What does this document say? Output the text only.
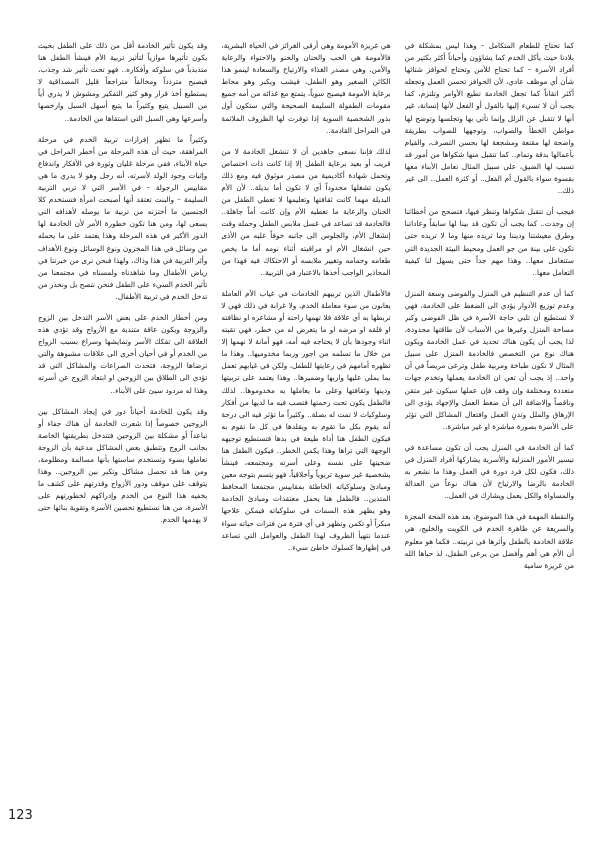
كما تحتاج للطعام المتكامل – وهذا ليس بمشكلة في بلادنا حيث يأكل الخدم كما يشاؤون وأحياناً أكثر بكثير من أفراد الأسرة – كما تحتاج للأمن وتحتاج لحوافز شتائها شأن أي موظف عادي، لأن الحوافز تحسن العمل وتجعله أكثر اتقاناً كما تجعل الخادمة تطيع الأوامر وتلتزم، كما يجب أن لا تسيء إليها بالقول أو الفعل لأنها إنسانة، غير أنها لا تتقبل عن الزلل وإنما تأتي بها وتجلسها وتوضح لها مواطن الخطأ والصواب، وتوجهها للصواب بطريقة واضحة لها مقنعة ومشجعة لها بحسن التصرف، والقيام بأعمالها بدقة وتمام.. كما تتقبل منها شكواها من أمور قد تسبب لها الضيق، على سبيل المثال تعامل الأبناء معها بقسوة سواء بالقول أم الفعل.. أو كثرة العمل.. الى غير ذلك..

فيجب أن تتقبل شكواها وتنظر فيها، فتصحح من أخطائنا إن وجدت.. كما يجب أن تكون قد بينا لها سابقاً وعاداتنا وطرق معيشتنا وديننا وما تريده منها وما لا تريده حتى تكون على بينة من جو العمل ومحيط البيئة الجديدة التي ستتعامل معها.. وهذا مهم جداً حتى يسهل لنا كيفية التعامل معها..

كما أن عدم التنظيم في المنزل والفوضى وسعة المنزل وعدم توزيع الأدوار يؤدي الى الضغط على الخادمة، فهي لا تستطيع أن تلبي حاجة الأسرة في ظل الفوضى وكبر مساحة المنزل وغيرها من الأسباب لأن طاقتها محدودة، لذا يجب أن يكون هناك تحديد في عمل الخادمة ويكون هناك نوع من التخصص فالخادمة المنزل على سبيل المثال لا تكون طباخة ومربية طفل وترعى مريضاً في آن واحد.. إذ يجب أن تعي ان الخادمة يعملها وتخدم جهات متعددة ومختلفة وإن وقف فإن عملها سيكون غير متقن وناقصاً وإلاضافة الى أن ضغط العمل والإجهاد يؤدي الى الإرهاق والملل وتدنٍ العمل وافتعال المشاكل التي تؤثر على الأسرة بصورة مباشرة او غير مباشرة..

كما أن الخادمة في المنزل يجب أن تكون مساعدة في تيسير الأمور المنزلية والأسرية يشاركها أفراد المنزل في ذلك، فكون لكل فرد دورة في العمل وهذا ما نشعر به الخادمة بالرضا والارتياح لأن هناك نوعاً من العدالة والمساواة والكل يعمل ويشارك في العمل..

والنقطة المهمة في هذا الموضوع، بعد هذه المحة المجزة والسريعة عن ظاهرة الخدم في الكويت والخليج، هي علاقة الخادمة بالطفل وأثرها في تربيته.. فكما هو معلوم أن الأم هي أهم وأفضل من يرعى الطفل، لذ حباها الله من غريزة سامية

هي غريزة الأمومة وهي أرقى الغرائز في الحياة البشرية، فالأمومة هي الحب والحنان والحنو والاحتواء والرعاية والأمن، وهي مصدر الغذاء والارتياح والسعادة لينمو هذا الكائن الصغير وهو الطفل، فيشب ويكبر وهو محاط برعاية الأمومة فيصبح سوياً، يتمتع مع غذائه من أمه جميع مقومات الطفولة السليمة الصحيحة والتي ستكون أول بذور الشخصية السوية إذا توفرت لها الظروف الملائمة في المراحل القادمة..

لذلك فإننا نسعى جاهدين أن لا تنشغل الخادمة لا من قريب أو بعيد برعاية الطفل إلا إذا كانت ذات اختصاص وتحمل شهادة أكاديمية من مصدر موثوق فيه ومع ذلك يكون تشغلها محدوداً أي لا تكون أما بديلة.. لأن الأم البديلة مهما كانت ثقافتها وتعليمها لا تعطي الطفل من الحنان والرعاية ما تعطيه الأم وإن كانت أماً جاهلة.. فالخادمة قد تساعد في غسل ملابس الطفل وحمله وقت إنشغال الأم، والجلوس الى جانبه خوفاً عليه من الأذى حين انشغال الأم او مراقبته أثناء نومه أما ما يخص طعامه وحمامه وتغيير ملابسه أو الاحتكاك فيه فهذا من المحاذير الواجب أخذها بالاعتبار في التربية..

فالأطفال الذين تربيهم الخادمات في غياب الأم العاملة يعانون من سوء معاملة الخدم، ولا غرابة في ذلك فهي لا تربطها به أي علاقة فلا تهمها راحته أو مشاعره او نظافته او قلقه او مرضه او ما يتعرض له من خطر، فهي تقيته اثناء وجودها بأن لا يحتاجه فيه أمه، فهو أمانة لا تهمها إلا من خلال ما تسلمه من اجور وربما مخدوميها.. وهذا ما تظهره أمامهم في رعايتها للطفل، ولكن في غيابهم تعمل بما يملي عليها واربها وضميرها.. وهذا يعتمد على تربيتها ودينها وثقافتها وعلى ما يعاملها به مخدوموها.. لذلك فالطفل يكون تحت رحمتها فتصب فيه ما لديها من أفكار وسلوكيات لا تمت له بصلة.. وكثيراً ما تؤثر فيه الى درجة أنه يقوم بكل ما تقوم به ويقلدها في كل ما تقوم به فيكون الطفل هنا أداة طيعة في يدها فتستطيع توجيهه الوجهة التي تراها وهذا يكمن الخطر.. فيكون الطفل هنا ضحيتها على نفسه وعلى أسرته ومجتمعه، فينشأ بشخصية غير سوية تربوياً وأخلاقياً، فهو يتسم بتوجه معين ومبادئ وسلوكياته الخاطئة بمقاييس مجتمعنا المحافظ المتدين.. فالطفل هنا يحمل معتقدات ومبادئ الخادمة وهو يظهر هذه السمات في سلوكياته فيمكن علاجها مبكراً أو تكمن وتظهر في أي فترة من فترات حياته سواء عندما تتهيأ الظروف لهذا الطفل والعوامل التي تساعد في إظهارها كسلوك خاطئ سيء..

وقد يكون تأثير الخادمة أقل من ذلك على الطفل بحيث يكون تأثيرها موازياً لتأثير تربية الأم فينشأ الطفل هنا متذبذباً في سلوكه وأفكاره.. فهو تحت تأثير شد وجذب، فيصبح متردداً ومخالفاً متراجعاً قليل المصداقية لا يستطيع أخذ قرار وهو كثير التفكير ومشوش لا يدري أياً من السبيل يتبع وكثيراً ما يتبع أسهل السبل وارخصها وأسرعها وهي السبل التي استقاها من الخادمة..

وكثيراً ما تظهر إفرازات تربية الخدم في مرحلة المراهقة، حيث أن هذه المرحلة من أخطر المراحل في حياة الأبناء، ففي مرحلة غليان وثورة في الأفكار واندفاع وإثبات وجود الولد لأسرته، أنه رجل وهو لا يدري ما هي مقاييس الرجولة – في الأسر التي لا تربي التربية السليمة – والبنت تعتقد أنها أصبحت امرأة فتستخدم كلا الجنسين ما أختزنه من تربية ما يوصله لأهدافه التي يسعى لها، ومن هنا تكون خطورة الأمر لأن الخادمة لها الدور الأكبر في هذه المرحلة وهذا يعتمد على ما يحمله من وسائل في هذا المخزون ونوع الوسائل ونوع الأهداف وأثر التربية في هذا وذاك، ولهذا فنحن نرى من خبرتنا في رياض الأطفال وما شاهدناه ولمسناه في مجتمعنا من تأثير الخدم السيء على الطفل فنحن نتصح بل ونحذر من تدخل الخدم في تربية الأطفال.

ومن أخطار الخدم على بعض الأسر التدخل بين الزوج والزوجة ويكون عاقة متندية مع الأزواج وقد تؤدي هذه العلاقة الى تفكك الأسر وتمايشها وسراع بسبب الزواج من الخدم أو في أحيان أخرى الى علاقات مشبوهة والتي ترضاها الزوجة، فتحدث الصراعات والمشاكل التي قد تؤدي الى الطلاق بين الزوجين او ابتعاد الزوج عن أسرته وهذا له مردود سيئ على الأبناء..

وقد يكون للخادمة أحياناً دور في إيجاد المشاكل بين الزوجين خصوصاً إذا شعرت الخادمة أن هناك جفاء أو تباعداً أو مشكلة بين الزوجين فتتدخل بطريقتها الخاصة بجانب الزوج وتتطبق بعض المشاكل مدعية بأن الزوجة تعاملها بسوء وتستخدم ساستها بأنها مسالمة ومظلومة، ومن هنا قد تحصل مشاكل وتكبر بين الزوجين.. وهذا يتوقف على موقف ودور الأزواج وقدرتهم على كشف ما يخفيه هذا النوع من الخدم وإدراكهم لخطورتهم على الأسرة، من هنا نستطيع تحصين الأسرة وتقوية بنائها حتى لا يهدمها الخدم.

123
